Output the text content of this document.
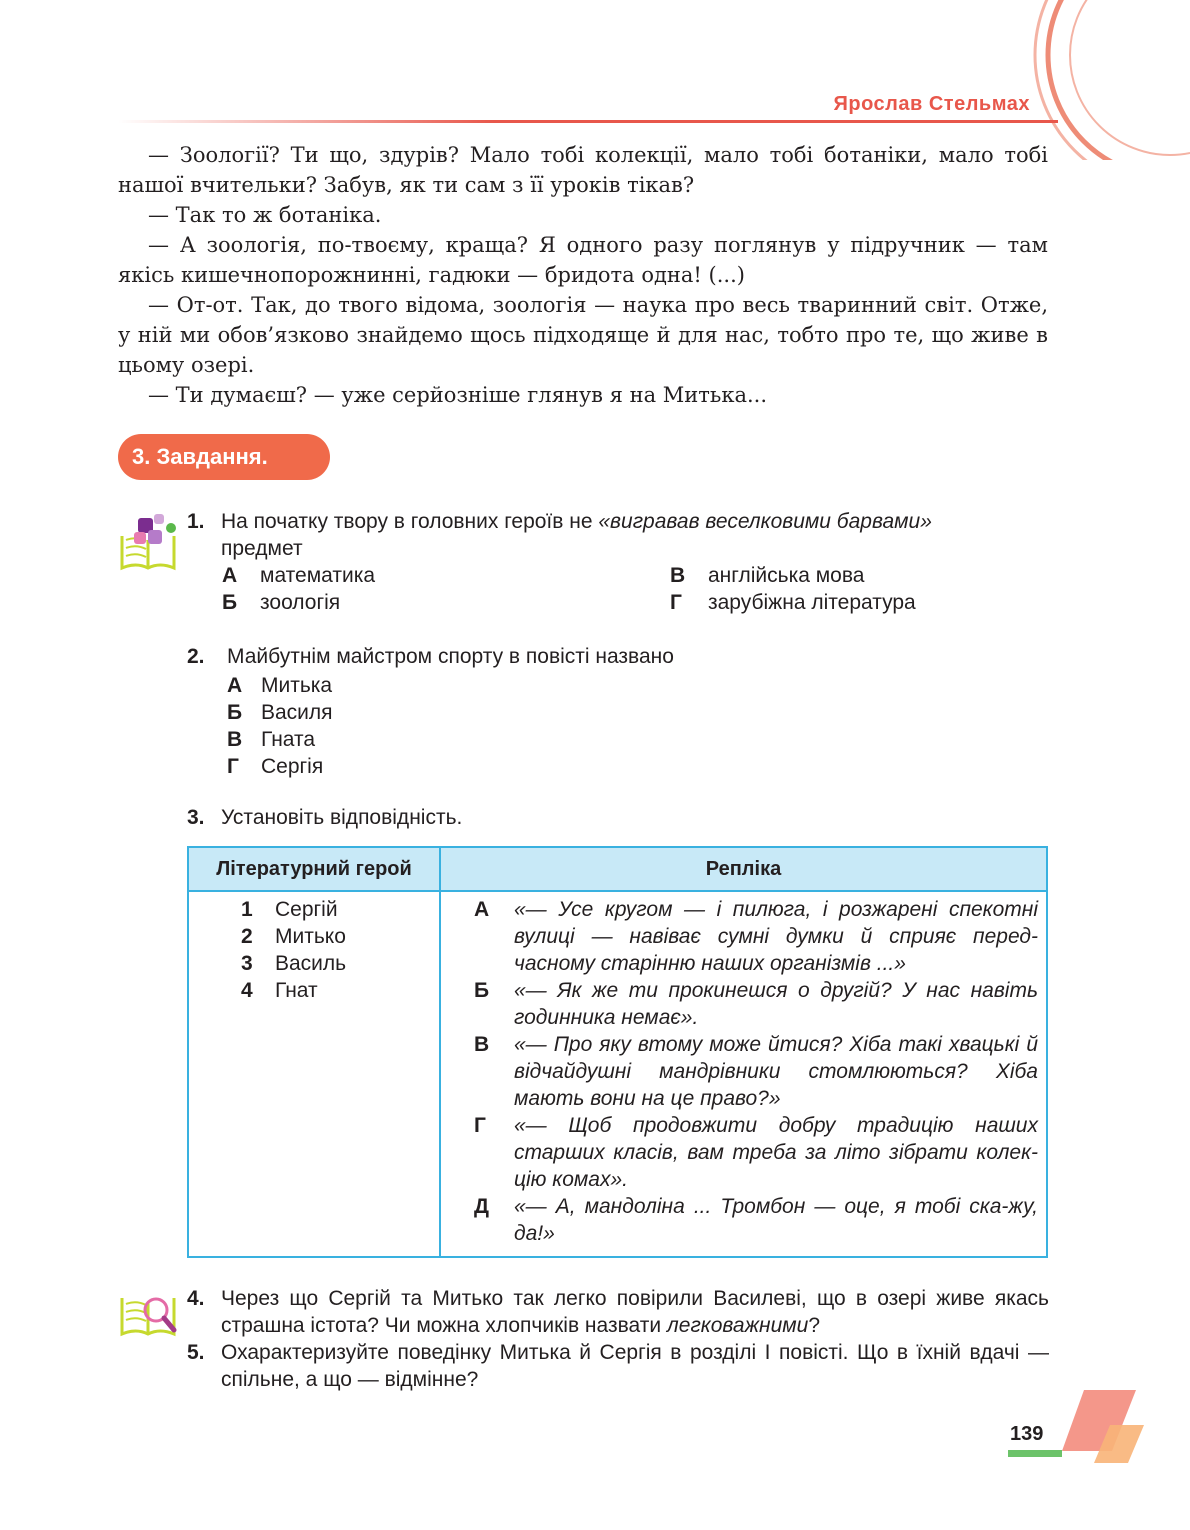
Ярослав Стельмах

— Зоології? Ти що, здурів? Мало тобі колекції, мало тобі ботаніки, мало тобі нашої вчительки? Забув, як ти сам з її уроків тікав?

— Так то ж ботаніка.

— А зоологія, по-твоєму, краща? Я одного разу поглянув у підручник — там якісь кишечнопорожнинні, гадюки — бридота одна! (...)

— От-от. Так, до твого відома, зоологія — наука про весь тваринний світ. Отже, у ній ми обов’язково знайдемо щось підходяще й для нас, тобто про те, що живе в цьому озері.

— Ти думаєш? — уже серйозніше глянув я на Митька...

3. Завдання.
1. На початку твору в головних героїв не «вигравав веселковими барвами»
предмет
А математика
Б зоологія
В англійська мова
Г зарубіжна література
2. Майбутнім майстром спорту в повісті названо
А Митька
Б Василя
В Гната
Г Сергія
3. Установіть відповідність.
Літературний герой	Репліка
1 Сергій
2 Митько
3 Василь
4 Гнат
А «— Усе кругом — і пилюга, і розжарені спекотні вулиці — навіває сумні думки й сприяє перед-часному старінню наших організмів ...»
Б «— Як же ти прокинешся о другій? У нас навіть годинника немає».
В «— Про яку втому може йтися? Хіба такі хвацькі й відчайдушні мандрівники стомлюються? Хіба мають вони на це право?»
Г «— Щоб продовжити добру традицію наших старших класів, вам треба за літо зібрати колек-цію комах».
Д «— А, мандоліна ... Тромбон — оце, я тобі ска-жу, да!»
4. Через що Сергій та Митько так легко повірили Василеві, що в озері живе якась страшна істота? Чи можна хлопчиків назвати легковажними?
5. Охарактеризуйте поведінку Митька й Сергія в розділі I повісті. Що в їхній вдачі — спільне, а що — відмінне?
139
